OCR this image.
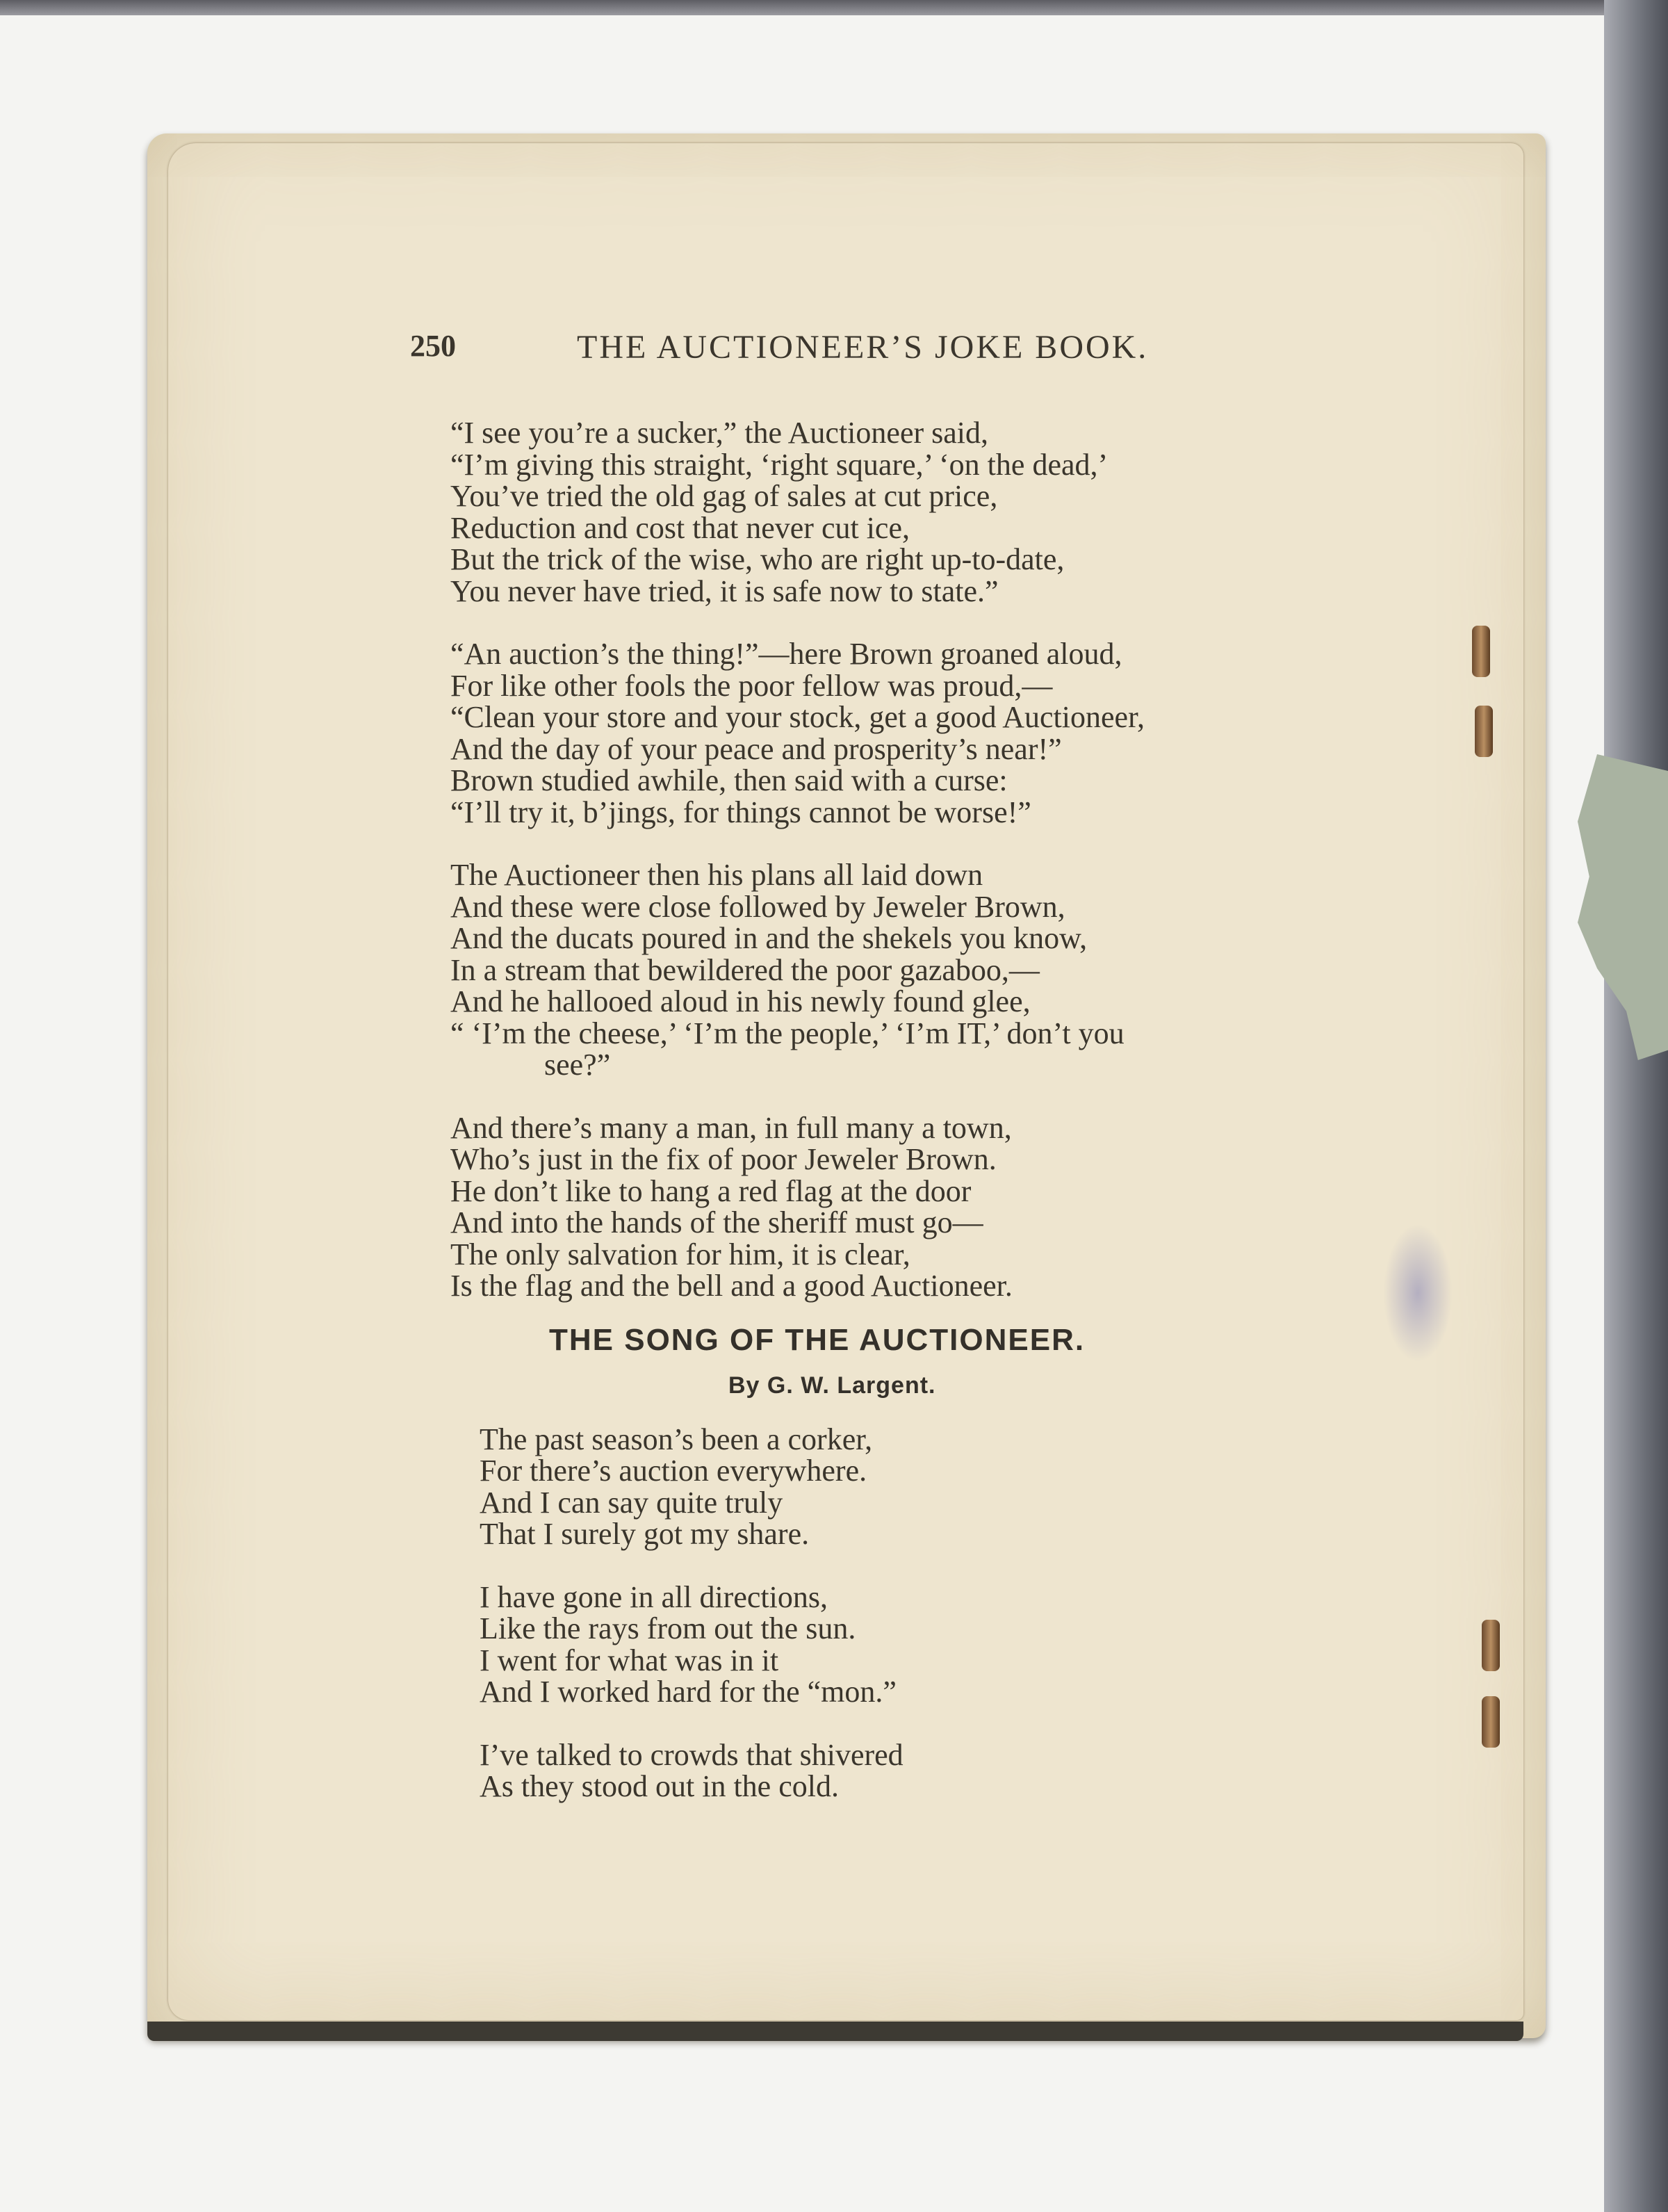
250	THE AUCTIONEER’S JOKE BOOK.
“I see you’re a sucker,” the Auctioneer said,
“I’m giving this straight, ‘right square,’ ‘on the dead,’
You’ve tried the old gag of sales at cut price,
Reduction and cost that never cut ice,
But the trick of the wise, who are right up-to-date,
You never have tried, it is safe now to state.”
“An auction’s the thing!”—here Brown groaned aloud,
For like other fools the poor fellow was proud,—
“Clean your store and your stock, get a good Auctioneer,
And the day of your peace and prosperity’s near!”
Brown studied awhile, then said with a curse:
“I’ll try it, b’jings, for things cannot be worse!”
The Auctioneer then his plans all laid down
And these were close followed by Jeweler Brown,
And the ducats poured in and the shekels you know,
In a stream that bewildered the poor gazaboo,—
And he hallooed aloud in his newly found glee,
“ ‘I’m the cheese,’ ‘I’m the people,’ ‘I’m IT,’ don’t you
see?”
And there’s many a man, in full many a town,
Who’s just in the fix of poor Jeweler Brown.
He don’t like to hang a red flag at the door
And into the hands of the sheriff must go—
The only salvation for him, it is clear,
Is the flag and the bell and a good Auctioneer.
THE SONG OF THE AUCTIONEER.
By G. W. Largent.
The past season’s been a corker,
For there’s auction everywhere.
And I can say quite truly
That I surely got my share.
I have gone in all directions,
Like the rays from out the sun.
I went for what was in it
And I worked hard for the “mon.”
I’ve talked to crowds that shivered
As they stood out in the cold.
